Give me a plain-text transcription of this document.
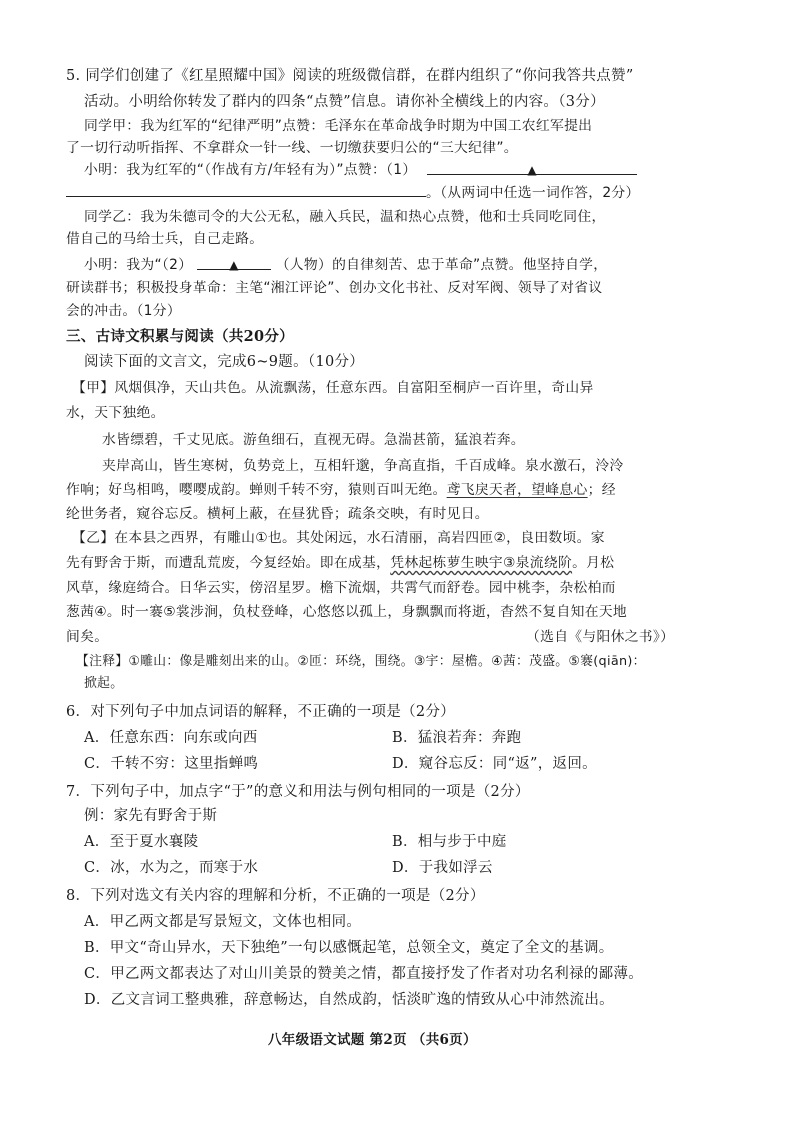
5. 同学们创建了《红星照耀中国》阅读的班级微信群，在群内组织了“你问我答共点赞”
活动。小明给你转发了群内的四条“点赞”信息。请你补全横线上的内容。（3分）
同学甲：我为红军的“纪律严明”点赞：毛泽东在革命战争时期为中国工农红军提出
了一切行动听指挥、不拿群众一针一线、一切缴获要归公的“三大纪律”。
小明：我为红军的“（作战有方/年轻有为）”点赞：（1）	▲
。（从两词中任选一词作答，2分）
同学乙：我为朱德司令的大公无私，融入兵民，温和热心点赞，他和士兵同吃同住，
借自己的马给士兵，自己走路。
小明：我为“（2）	▲	（人物）的自律刻苦、忠于革命”点赞。他坚持自学，
研读群书；积极投身革命：主笔“湘江评论”、创办文化书社、反对军阀、领导了对省议
会的冲击。（1分）
三、古诗文积累与阅读（共20分）
阅读下面的文言文，完成6~9题。（10分）
【甲】风烟俱净，天山共色。从流飘荡，任意东西。自富阳至桐庐一百许里，奇山异
水，天下独绝。
水皆缥碧，千丈见底。游鱼细石，直视无碍。急湍甚箭，猛浪若奔。
夹岸高山，皆生寒树，负势竞上，互相轩邈，争高直指，千百成峰。泉水激石，泠泠
作响；好鸟相鸣，嘤嘤成韵。蝉则千转不穷，猿则百叫无绝。鸢飞戾天者，望峰息心；经
纶世务者，窥谷忘反。横柯上蔽，在昼犹昏；疏条交映，有时见日。
【乙】在本县之西界，有雕山①也。其处闲远，水石清丽，高岩四匝②，良田数顷。家
先有野舍于斯，而遭乱荒废，今复经始。即在成基，凭林起栋萝生映宇③泉流绕阶。月松
风草，缘庭绮合。日华云实，傍沼星罗。檐下流烟，共霄气而舒卷。园中桃李，杂松柏而
葱茜④。时一褰⑤裳涉涧，负杖登峰，心悠悠以孤上，身飘飘而将逝，杳然不复自知在天地
间矣。	（选自《与阳休之书》）
【注释】①雕山：像是雕刻出来的山。②匝：环绕，围绕。③宇：屋檐。④茜：茂盛。⑤褰(qiān)：
掀起。
6．对下列句子中加点词语的解释，不正确的一项是（2分）
A．任意东西：向东或向西	B．猛浪若奔：奔跑
C．千转不穷：这里指蝉鸣	D．窥谷忘反：同“返”，返回。
7．下列句子中，加点字“于”的意义和用法与例句相同的一项是（2分）
例：家先有野舍于斯
A．至于夏水襄陵	B．相与步于中庭
C．冰，水为之，而寒于水	D．于我如浮云
8．下列对选文有关内容的理解和分析，不正确的一项是（2分）
A．甲乙两文都是写景短文，文体也相同。
B．甲文“奇山异水，天下独绝”一句以感慨起笔，总领全文，奠定了全文的基调。
C．甲乙两文都表达了对山川美景的赞美之情，都直接抒发了作者对功名利禄的鄙薄。
D．乙文言词工整典雅，辞意畅达，自然成韵，恬淡旷逸的情致从心中沛然流出。
八年级语文试题 第2页 （共6页）
